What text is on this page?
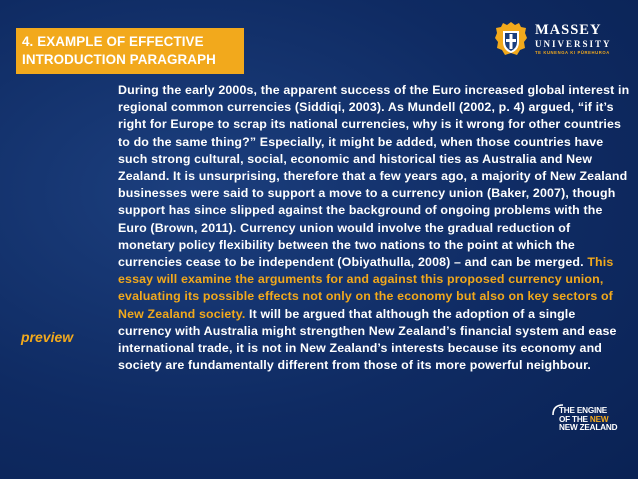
4. EXAMPLE OF EFFECTIVE
INTRODUCTION PARAGRAPH
MASSEY
UNIVERSITY
TE KUNENGA KI PŪREHUROA
During the early 2000s, the apparent success of the Euro increased global interest in regional common currencies (Siddiqi, 2003). As Mundell (2002, p. 4) argued, “if it’s right for Europe to scrap its national currencies, why is it wrong for other countries to do the same thing?” Especially, it might be added, when those countries have such strong cultural, social, economic and historical ties as Australia and New Zealand. It is unsurprising, therefore that a few years ago, a majority of New Zealand businesses were said to support a move to a currency union (Baker, 2007), though support has since slipped against the background of ongoing problems with the Euro (Brown, 2011). Currency union would involve the gradual reduction of monetary policy flexibility between the two nations to the point at which the currencies cease to be independent (Obiyathulla, 2008) – and can be merged. This essay will examine the arguments for and against this proposed currency union, evaluating its possible effects not only on the economy but also on key sectors of New Zealand society. It will be argued that although the adoption of a single currency with Australia might strengthen New Zealand’s financial system and ease international trade, it is not in New Zealand’s interests because its economy and society are fundamentally different from those of its more powerful neighbour.
preview
THE ENGINE
OF THE NEW
NEW ZEALAND
